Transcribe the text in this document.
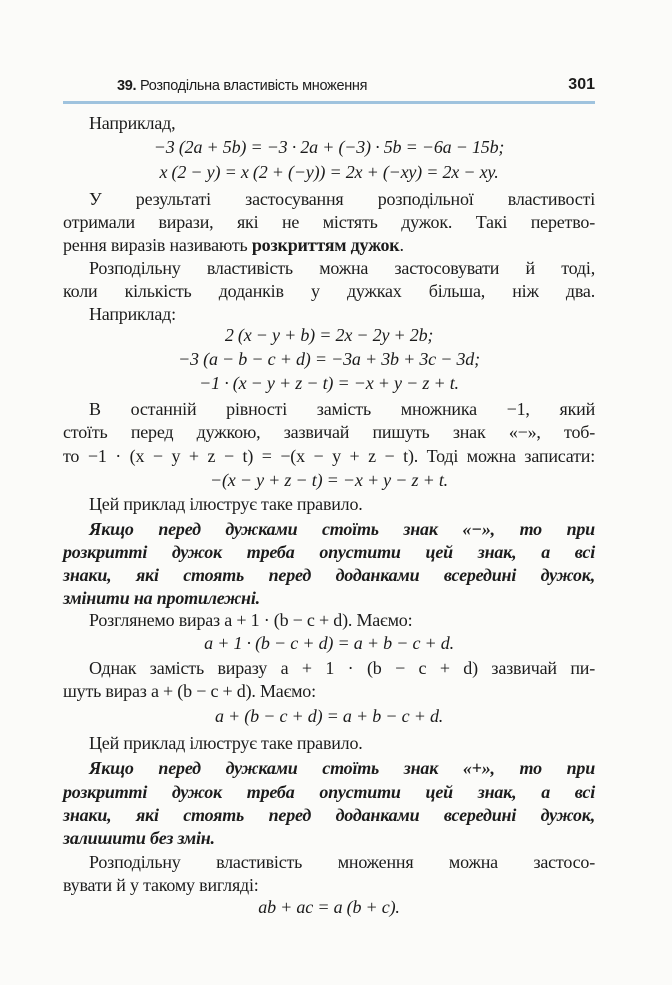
39. Розподільна властивість множення	301
Наприклад,
−3 (2a + 5b) = −3 · 2a + (−3) · 5b = −6a − 15b;
x (2 − y) = x (2 + (−y)) = 2x + (−xy) = 2x − xy.
У результаті застосування розподільної властивості
отримали вирази, які не містять дужок. Такі перетво-
рення виразів називають розкриттям дужок.
Розподільну властивість можна застосовувати й тоді,
коли кількість доданків у дужках більша, ніж два.
Наприклад:
2 (x − y + b) = 2x − 2y + 2b;
−3 (a − b − c + d) = −3a + 3b + 3c − 3d;
−1 · (x − y + z − t) = −x + y − z + t.
В останній рівності замість множника −1, який
стоїть перед дужкою, зазвичай пишуть знак «−», тоб-
то −1 · (x − y + z − t) = −(x − y + z − t). Тоді можна записати:
−(x − y + z − t) = −x + y − z + t.
Цей приклад ілюструє таке правило.
Якщо перед дужками стоїть знак «−», то при
розкритті дужок треба опустити цей знак, а всі
знаки, які стоять перед доданками всередині дужок,
змінити на протилежні.
Розглянемо вираз a + 1 · (b − c + d). Маємо:
a + 1 · (b − c + d) = a + b − c + d.
Однак замість виразу a + 1 · (b − c + d) зазвичай пи-
шуть вираз a + (b − c + d). Маємо:
a + (b − c + d) = a + b − c + d.
Цей приклад ілюструє таке правило.
Якщо перед дужками стоїть знак «+», то при
розкритті дужок треба опустити цей знак, а всі
знаки, які стоять перед доданками всередині дужок,
залишити без змін.
Розподільну властивість множення можна застосо-
вувати й у такому вигляді:
ab + ac = a (b + c).
